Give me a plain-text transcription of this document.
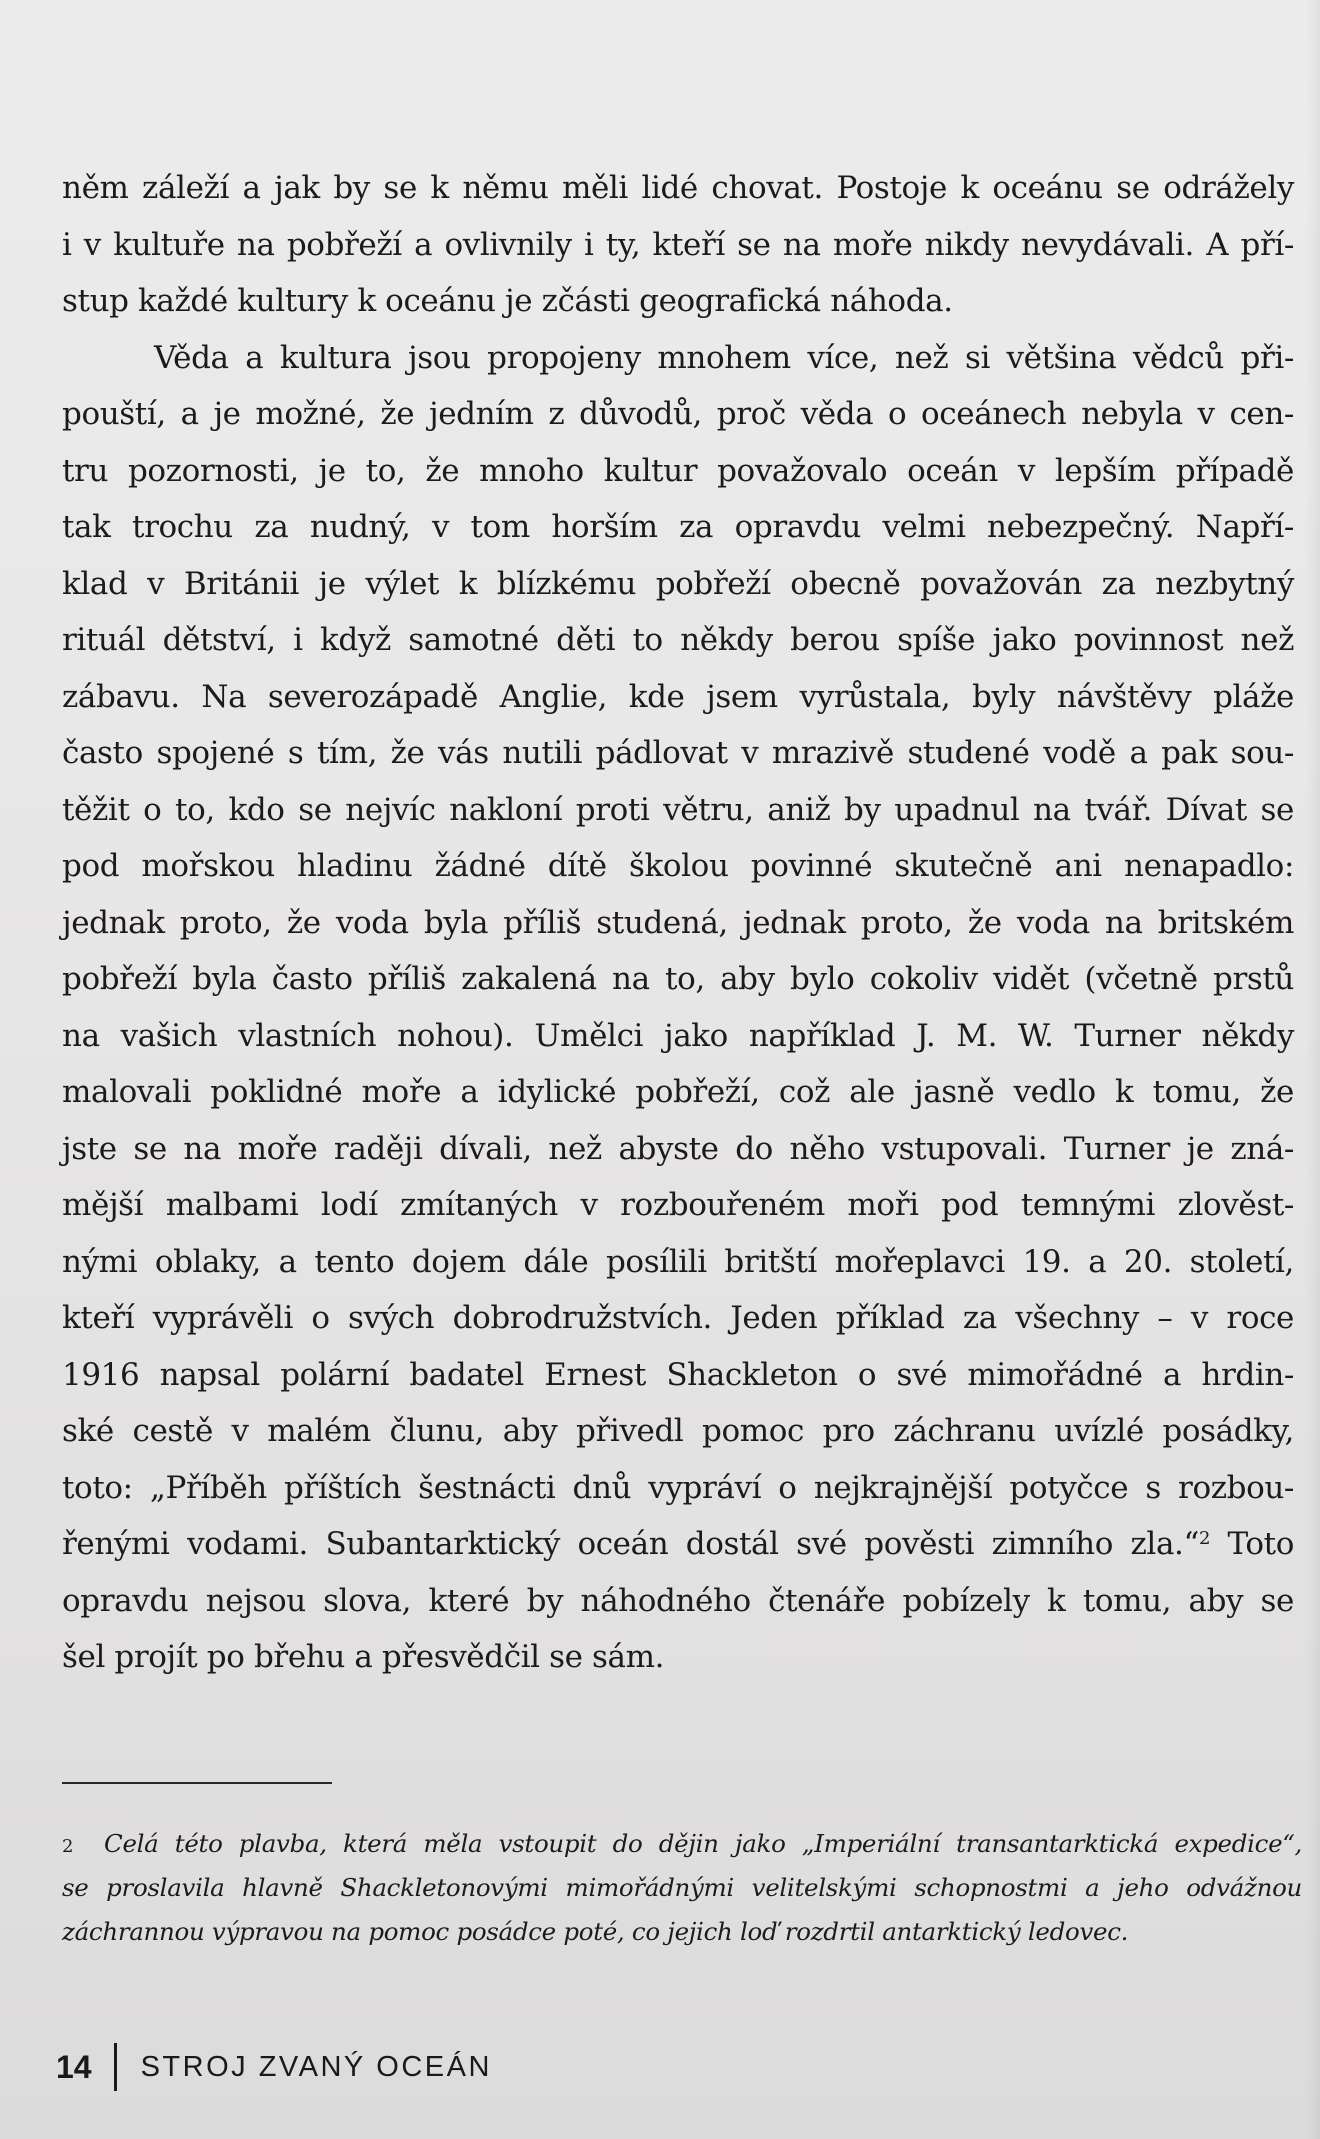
něm záleží a jak by se k němu měli lidé chovat. Postoje k oceánu se odrážely
i v kultuře na pobřeží a ovlivnily i ty, kteří se na moře nikdy nevydávali. A pří-
stup každé kultury k oceánu je zčásti geografická náhoda.
Věda a kultura jsou propojeny mnohem více, než si většina vědců při-
pouští, a je možné, že jedním z důvodů, proč věda o oceánech nebyla v cen-
tru pozornosti, je to, že mnoho kultur považovalo oceán v lepším případě
tak trochu za nudný, v tom horším za opravdu velmi nebezpečný. Napří-
klad v Británii je výlet k blízkému pobřeží obecně považován za nezbytný
rituál dětství, i když samotné děti to někdy berou spíše jako povinnost než
zábavu. Na severozápadě Anglie, kde jsem vyrůstala, byly návštěvy pláže
často spojené s tím, že vás nutili pádlovat v mrazivě studené vodě a pak sou-
těžit o to, kdo se nejvíc nakloní proti větru, aniž by upadnul na tvář. Dívat se
pod mořskou hladinu žádné dítě školou povinné skutečně ani nenapadlo:
jednak proto, že voda byla příliš studená, jednak proto, že voda na britském
pobřeží byla často příliš zakalená na to, aby bylo cokoliv vidět (včetně prstů
na vašich vlastních nohou). Umělci jako například J. M. W. Turner někdy
malovali poklidné moře a idylické pobřeží, což ale jasně vedlo k tomu, že
jste se na moře raději dívali, než abyste do něho vstupovali. Turner je zná-
mější malbami lodí zmítaných v rozbouřeném moři pod temnými zlověst-
nými oblaky, a tento dojem dále posílili britští mořeplavci 19. a 20. století,
kteří vyprávěli o svých dobrodružstvích. Jeden příklad za všechny – v roce
1916 napsal polární badatel Ernest Shackleton o své mimořádné a hrdin-
ské cestě v malém člunu, aby přivedl pomoc pro záchranu uvízlé posádky,
toto: „Příběh příštích šestnácti dnů vypráví o nejkrajnější potyčce s rozbou-
řenými vodami. Subantarktický oceán dostál své pověsti zimního zla.“$^2$ Toto
opravdu nejsou slova, které by náhodného čtenáře pobízely k tomu, aby se
šel projít po břehu a přesvědčil se sám.
2 Celá této plavba, která měla vstoupit do dějin jako „Imperiální transantarktická expedice“,
se proslavila hlavně Shackletonovými mimořádnými velitelskými schopnostmi a jeho odvážnou
záchrannou výpravou na pomoc posádce poté, co jejich loď rozdrtil antarktický ledovec.
14 STROJ ZVANÝ OCEÁN
